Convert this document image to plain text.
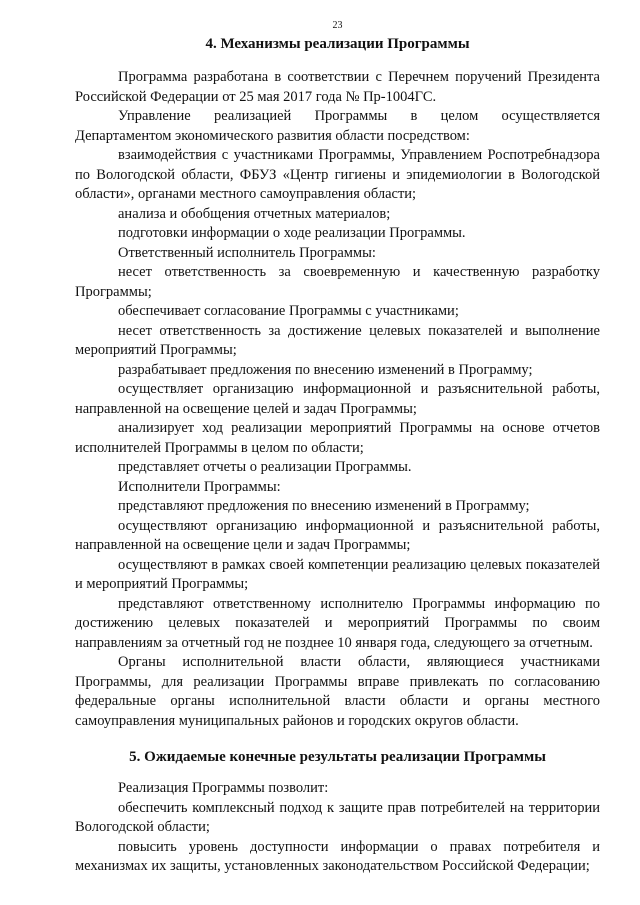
23
4. Механизмы реализации Программы

Программа разработана в соответствии с Перечнем поручений Президента Российской Федерации от 25 мая 2017 года № Пр-1004ГС.

Управление реализацией Программы в целом осуществляется Департаментом экономического развития области посредством:

взаимодействия с участниками Программы, Управлением Роспотребнадзора по Вологодской области, ФБУЗ «Центр гигиены и эпидемиологии в Вологодской области», органами местного самоуправления области;

анализа и обобщения отчетных материалов;

подготовки информации о ходе реализации Программы.

Ответственный исполнитель Программы:

несет ответственность за своевременную и качественную разработку Программы;

обеспечивает согласование Программы с участниками;

несет ответственность за достижение целевых показателей и выполнение мероприятий Программы;

разрабатывает предложения по внесению изменений в Программу;

осуществляет организацию информационной и разъяснительной работы, направленной на освещение целей и задач Программы;

анализирует ход реализации мероприятий Программы на основе отчетов исполнителей Программы в целом по области;

представляет отчеты о реализации Программы.

Исполнители Программы:

представляют предложения по внесению изменений в Программу;

осуществляют организацию информационной и разъяснительной работы, направленной на освещение цели и задач Программы;

осуществляют в рамках своей компетенции реализацию целевых показателей и мероприятий Программы;

представляют ответственному исполнителю Программы информацию по достижению целевых показателей и мероприятий Программы по своим направлениям за отчетный год не позднее 10 января года, следующего за отчетным.

Органы исполнительной власти области, являющиеся участниками Программы, для реализации Программы вправе привлекать по согласованию федеральные органы исполнительной власти области и органы местного самоуправления муниципальных районов и городских округов области.

5. Ожидаемые конечные результаты реализации Программы

Реализация Программы позволит:

обеспечить комплексный подход к защите прав потребителей на территории Вологодской области;

повысить уровень доступности информации о правах потребителя и механизмах их защиты, установленных законодательством Российской Федерации;
